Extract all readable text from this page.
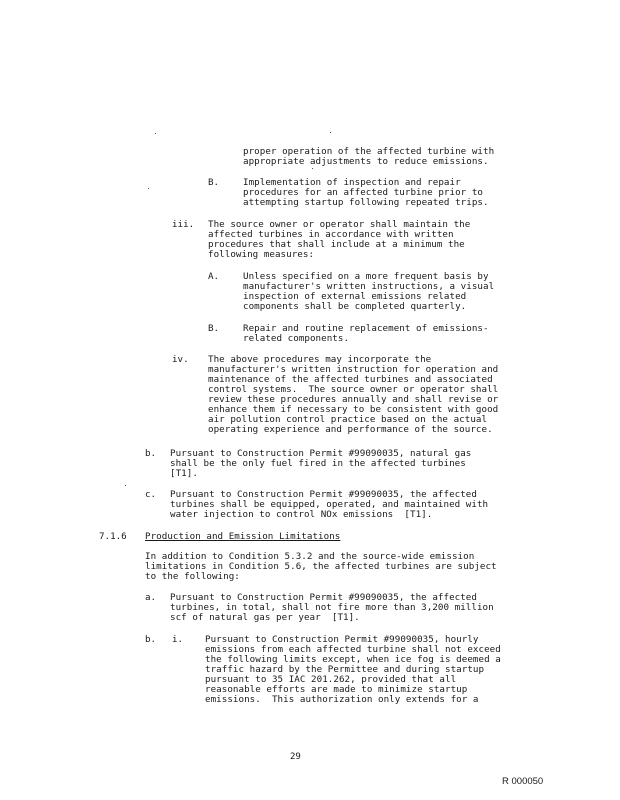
proper operation of the affected turbine with
appropriate adjustments to reduce emissions.
B.	Implementation of inspection and repair
procedures for an affected turbine prior to
attempting startup following repeated trips.
iii. The source owner or operator shall maintain the
affected turbines in accordance with written
procedures that shall include at a minimum the
following measures:
A.	Unless specified on a more frequent basis by
manufacturer's written instructions, a visual
inspection of external emissions related
components shall be completed quarterly.
B.	Repair and routine replacement of emissions-
related components.
iv. The above procedures may incorporate the
manufacturer's written instruction for operation and
maintenance of the affected turbines and associated
control systems.  The source owner or operator shall
review these procedures annually and shall revise or
enhance them if necessary to be consistent with good
air pollution control practice based on the actual
operating experience and performance of the source.
b. Pursuant to Construction Permit #99090035, natural gas
shall be the only fuel fired in the affected turbines
[T1].
c. Pursuant to Construction Permit #99090035, the affected
turbines shall be equipped, operated, and maintained with
water injection to control NOx emissions  [T1].
7.1.6 Production and Emission Limitations
In addition to Condition 5.3.2 and the source-wide emission
limitations in Condition 5.6, the affected turbines are subject
to the following:
a. Pursuant to Construction Permit #99090035, the affected
turbines, in total, shall not fire more than 3,200 million
scf of natural gas per year  [T1].
b. i. Pursuant to Construction Permit #99090035, hourly
emissions from each affected turbine shall not exceed
the following limits except, when ice fog is deemed a
traffic hazard by the Permittee and during startup
pursuant to 35 IAC 201.262, provided that all
reasonable efforts are made to minimize startup
emissions.  This authorization only extends for a
29
R 000050
